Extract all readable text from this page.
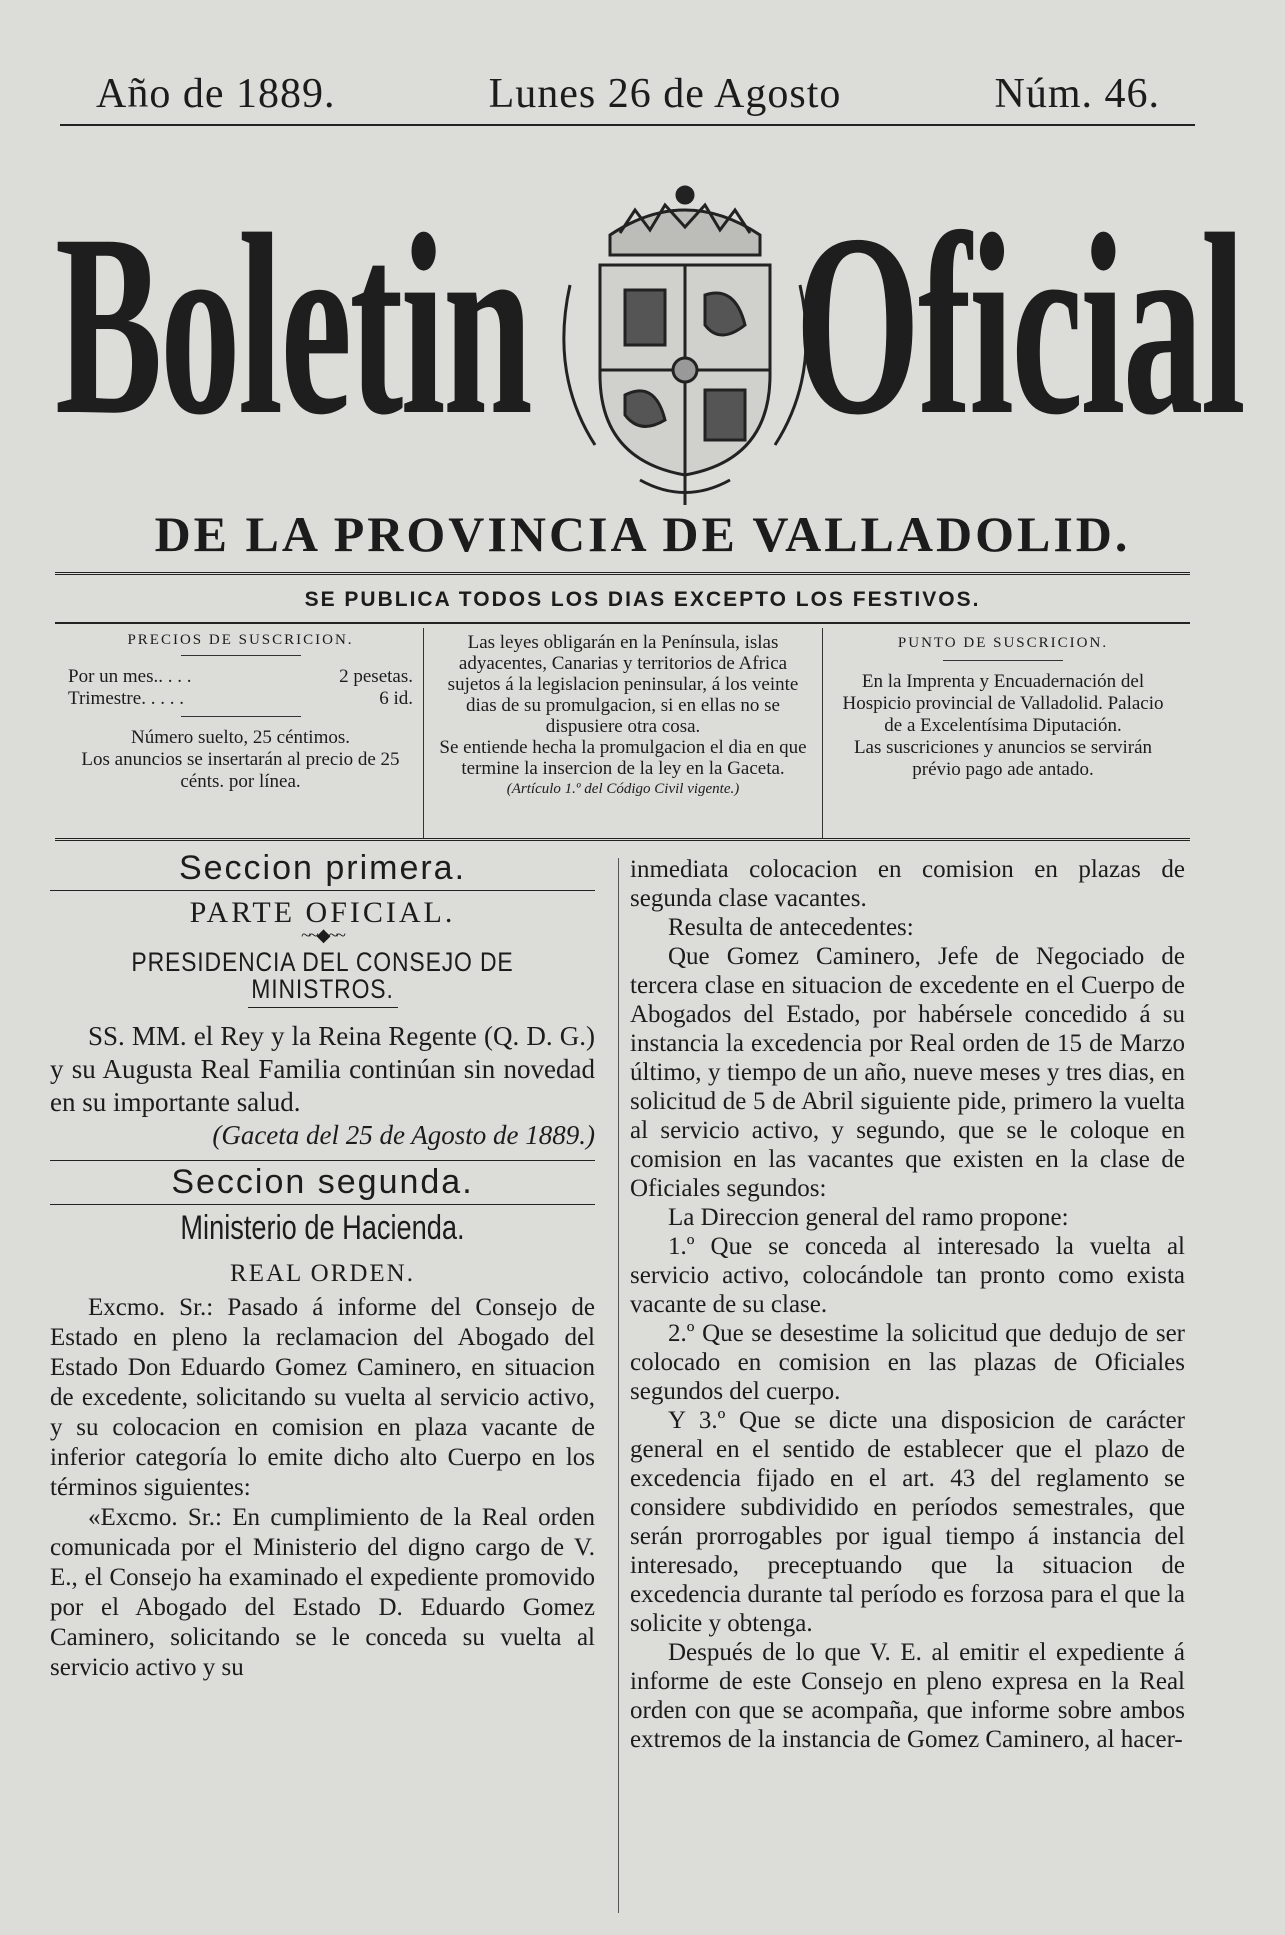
Año de 1889.	Lunes 26 de Agosto	Núm. 46.
Boletin Oficial
DE LA PROVINCIA DE VALLADOLID.
SE PUBLICA TODOS LOS DIAS EXCEPTO LOS FESTIVOS.
PRECIOS DE SUSCRICION.
Por un mes.. . . .	2 pesetas.
Trimestre. . . . .	6 id.
Número suelto, 25 céntimos.
Los anuncios se insertarán al precio de 25 cénts. por línea.
Las leyes obligarán en la Península, islas adyacentes, Canarias y territorios de Africa sujetos á la legislacion peninsular, á los veinte dias de su promulgacion, si en ellas no se dispusiere otra cosa.
Se entiende hecha la promulgacion el dia en que termine la insercion de la ley en la Gaceta.
(Artículo 1.º del Código Civil vigente.)
PUNTO DE SUSCRICION.
En la Imprenta y Encuadernación del Hospicio provincial de Valladolid. Palacio de a Excelentísima Diputación.
Las suscriciones y anuncios se servirán prévio pago ade antado.
Seccion primera.
PARTE OFICIAL.
~~◆~~
PRESIDENCIA DEL CONSEJO DE MINISTROS.

SS. MM. el Rey y la Reina Regente (Q. D. G.) y su Augusta Real Familia continúan sin novedad en su importante salud.

(Gaceta del 25 de Agosto de 1889.)

Seccion segunda.
Ministerio de Hacienda.
REAL ORDEN.

Excmo. Sr.: Pasado á informe del Consejo de Estado en pleno la reclamacion del Abogado del Estado Don Eduardo Gomez Caminero, en situacion de excedente, solicitando su vuelta al servicio activo, y su colocacion en comision en plaza vacante de inferior categoría lo emite dicho alto Cuerpo en los términos siguientes:

«Excmo. Sr.: En cumplimiento de la Real orden comunicada por el Ministerio del digno cargo de V. E., el Consejo ha examinado el expediente promovido por el Abogado del Estado D. Eduardo Gomez Caminero, solicitando se le conceda su vuelta al servicio activo y su

inmediata colocacion en comision en plazas de segunda clase vacantes.

Resulta de antecedentes:

Que Gomez Caminero, Jefe de Negociado de tercera clase en situacion de excedente en el Cuerpo de Abogados del Estado, por habérsele concedido á su instancia la excedencia por Real orden de 15 de Marzo último, y tiempo de un año, nueve meses y tres dias, en solicitud de 5 de Abril siguiente pide, primero la vuelta al servicio activo, y segundo, que se le coloque en comision en las vacantes que existen en la clase de Oficiales segundos:

La Direccion general del ramo propone:

1.º Que se conceda al interesado la vuelta al servicio activo, colocándole tan pronto como exista vacante de su clase.

2.º Que se desestime la solicitud que dedujo de ser colocado en comision en las plazas de Oficiales segundos del cuerpo.

Y 3.º Que se dicte una disposicion de carácter general en el sentido de establecer que el plazo de excedencia fijado en el art. 43 del reglamento se considere subdividido en períodos semestrales, que serán prorrogables por igual tiempo á instancia del interesado, preceptuando que la situacion de excedencia durante tal período es forzosa para el que la solicite y obtenga.

Después de lo que V. E. al emitir el expediente á informe de este Consejo en pleno expresa en la Real orden con que se acompaña, que informe sobre ambos extremos de la instancia de Gomez Caminero, al hacer-
